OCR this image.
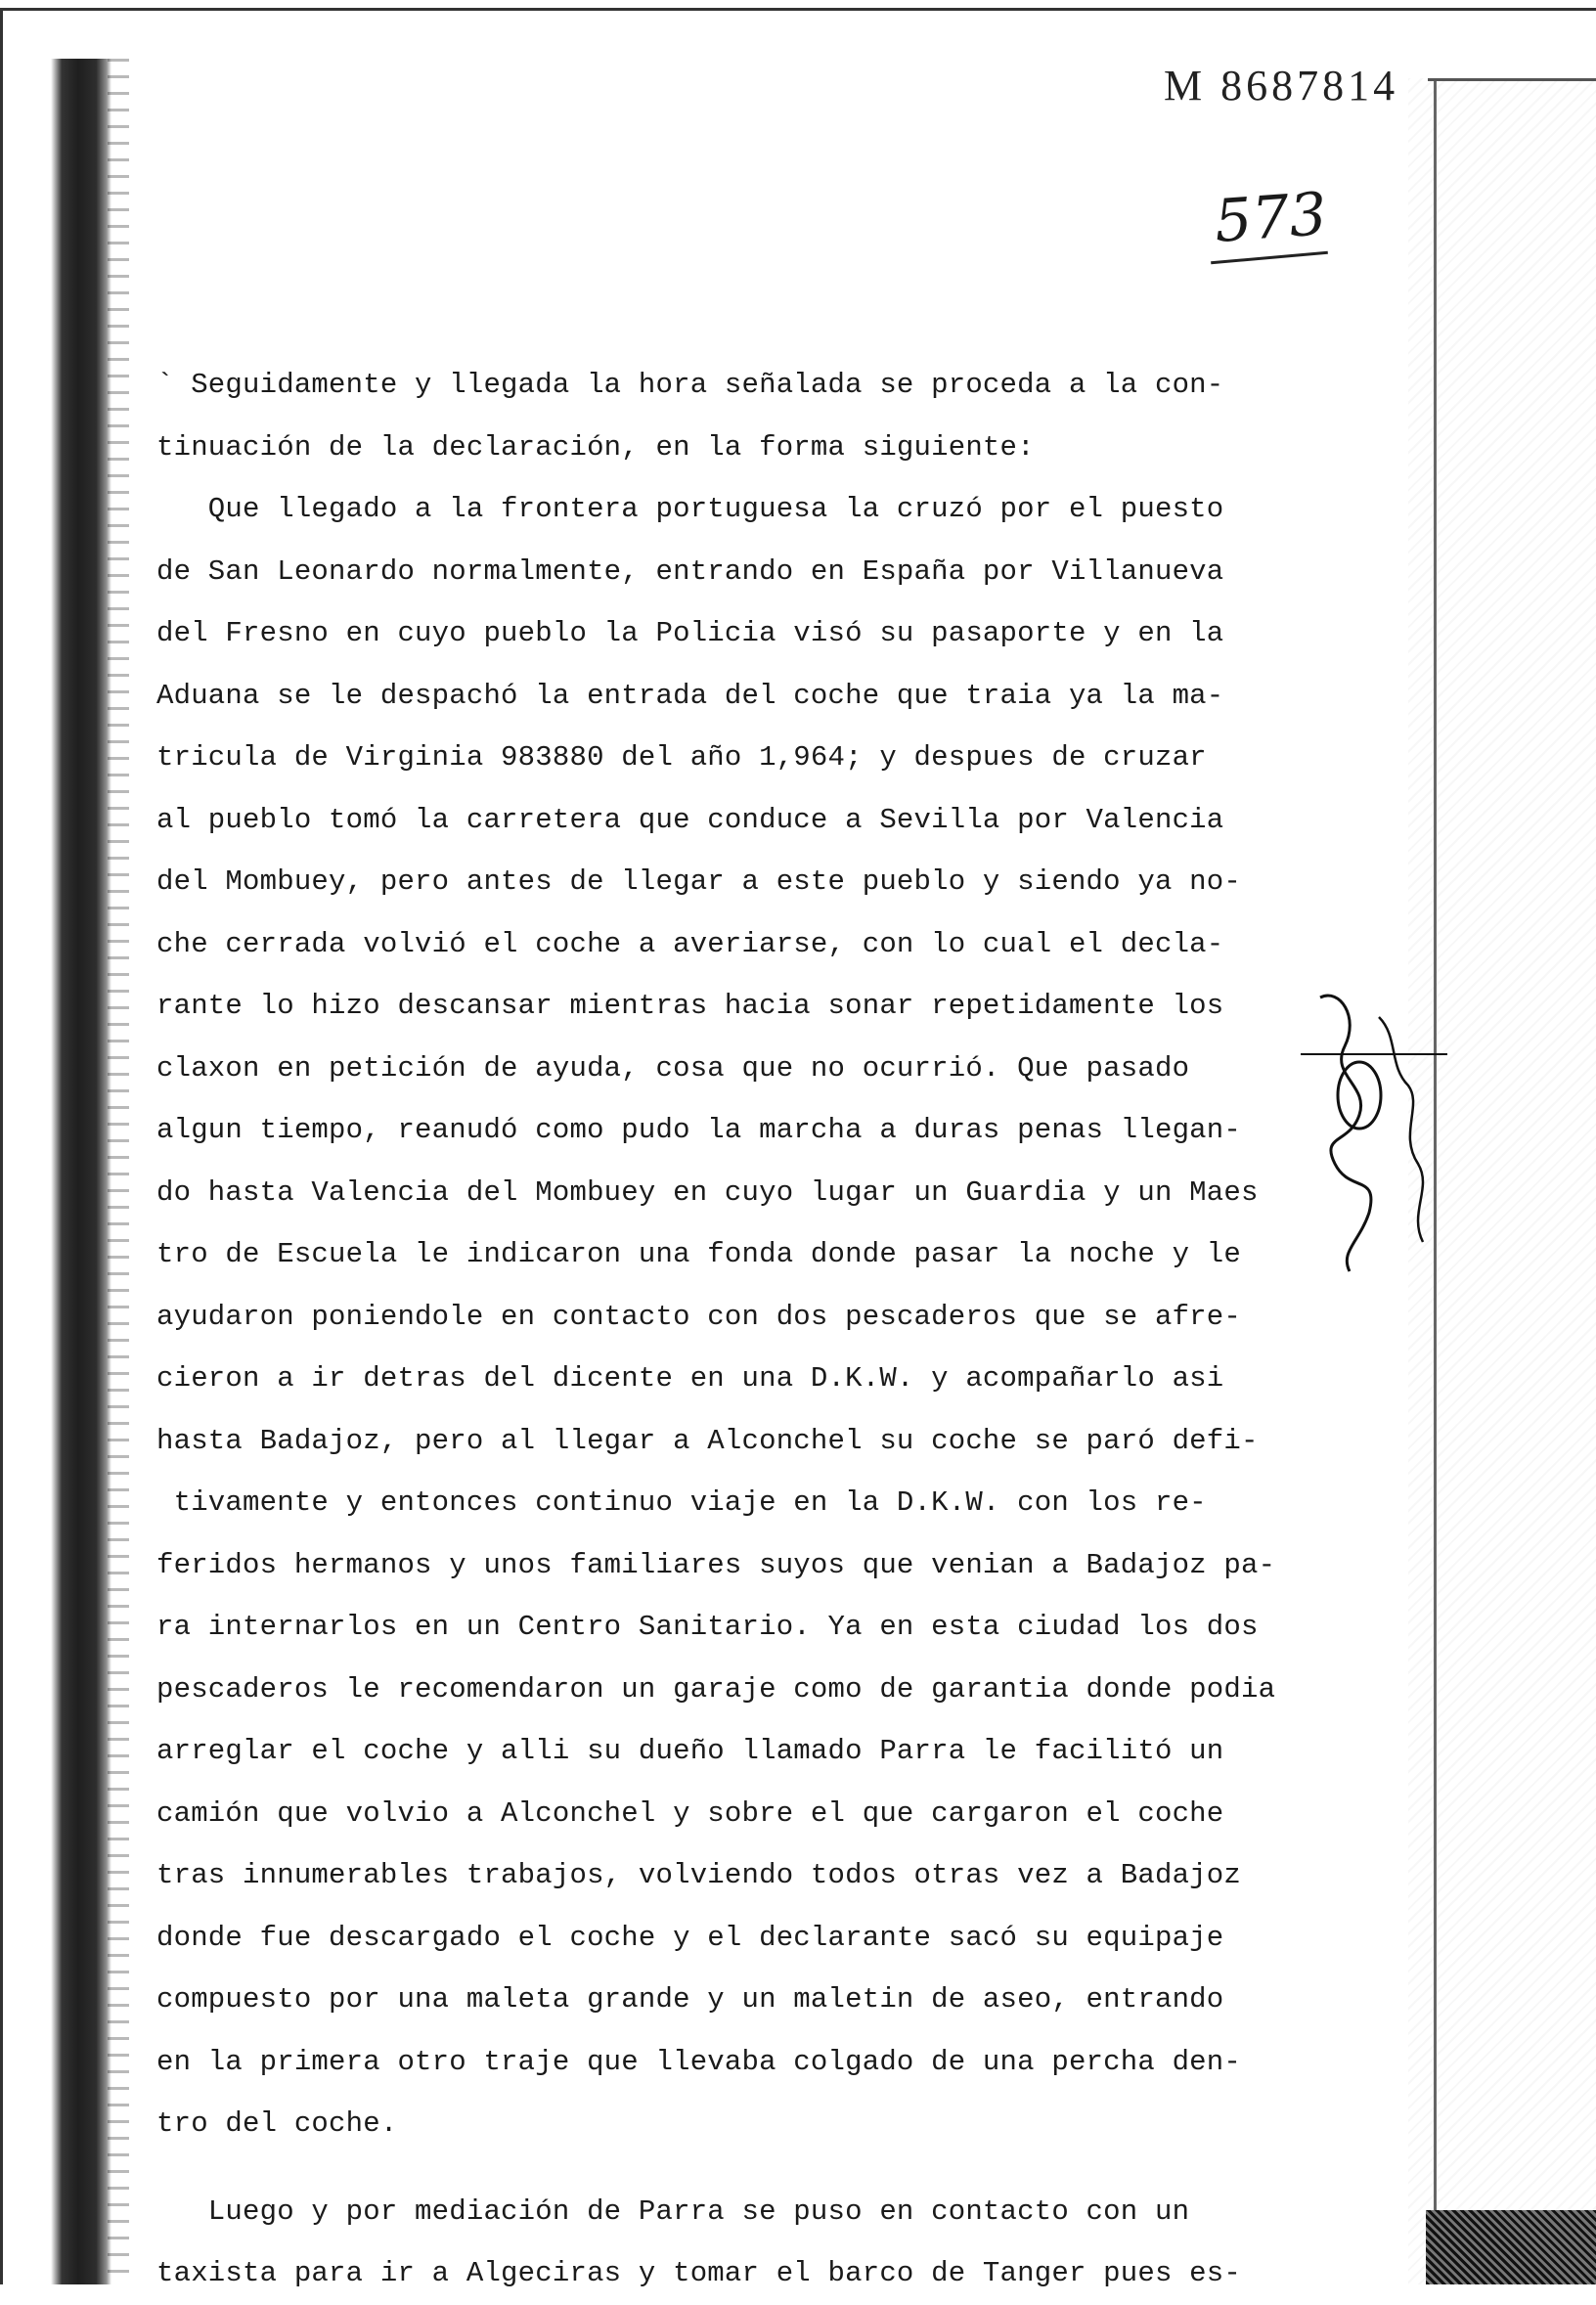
M 8687814
573
` Seguidamente y llegada la hora señalada se proceda a la con-
tinuación de la declaración, en la forma siguiente:
Que llegado a la frontera portuguesa la cruzó por el puesto
de San Leonardo normalmente, entrando en España por Villanueva
del Fresno en cuyo pueblo la Policia visó su pasaporte y en la
Aduana se le despachó la entrada del coche que traia ya la ma-
tricula de Virginia 983880 del año 1,964; y despues de cruzar
al pueblo tomó la carretera que conduce a Sevilla por Valencia
del Mombuey, pero antes de llegar a este pueblo y siendo ya no-
che cerrada volvió el coche a averiarse, con lo cual el decla-
rante lo hizo descansar mientras hacia sonar repetidamente los
claxon en petición de ayuda, cosa que no ocurrió. Que pasado
algun tiempo, reanudó como pudo la marcha a duras penas llegan-
do hasta Valencia del Mombuey en cuyo lugar un Guardia y un Maes
tro de Escuela le indicaron una fonda donde pasar la noche y le
ayudaron poniendole en contacto con dos pescaderos que se afre-
cieron a ir detras del dicente en una D.K.W. y acompañarlo asi
hasta Badajoz, pero al llegar a Alconchel su coche se paró defi-
tivamente y entonces continuo viaje en la D.K.W. con los re-
feridos hermanos y unos familiares suyos que venian a Badajoz pa-
ra internarlos en un Centro Sanitario. Ya en esta ciudad los dos
pescaderos le recomendaron un garaje como de garantia donde podia
arreglar el coche y alli su dueño llamado Parra le facilitó un
camión que volvio a Alconchel y sobre el que cargaron el coche
tras innumerables trabajos, volviendo todos otras vez a Badajoz
donde fue descargado el coche y el declarante sacó su equipaje
compuesto por una maleta grande y un maletin de aseo, entrando
en la primera otro traje que llevaba colgado de una percha den-
tro del coche.
Luego y por mediación de Parra se puso en contacto con un
taxista para ir a Algeciras y tomar el barco de Tanger pues es-
